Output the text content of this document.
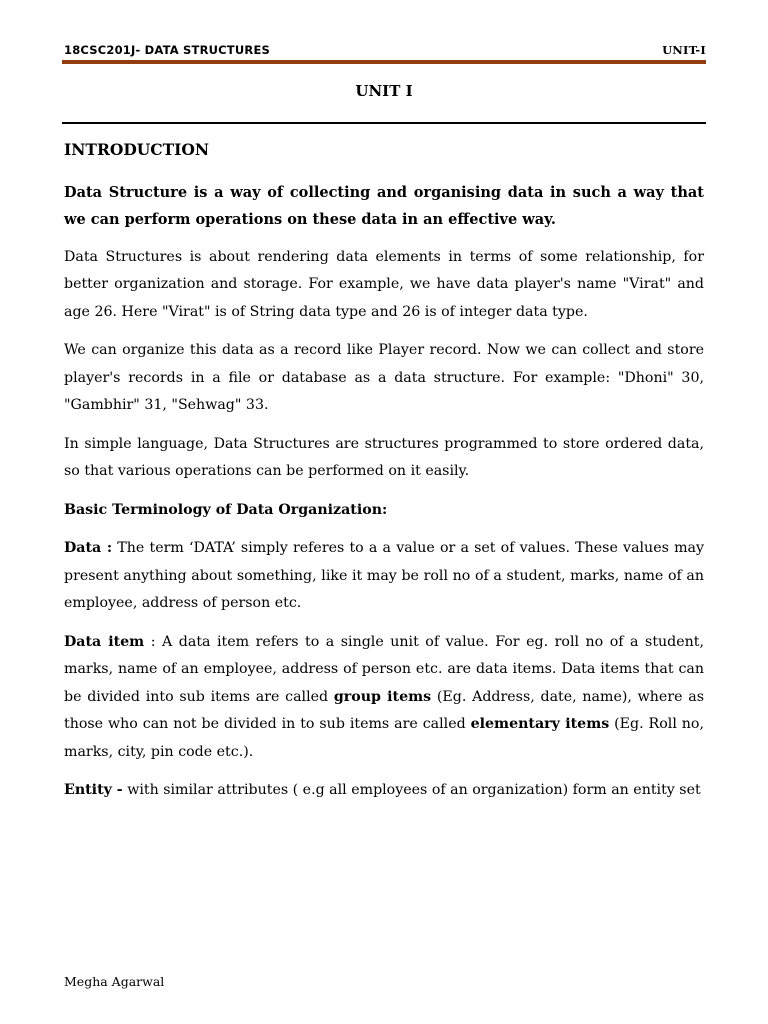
18CSC201J- DATA STRUCTURES	UNIT-I
UNIT I

INTRODUCTION

Data Structure is a way of collecting and organising data in such a way that we can perform operations on these data in an effective way.

Data Structures is about rendering data elements in terms of some relationship, for better organization and storage. For example, we have data player's name "Virat" and age 26. Here "Virat" is of String data type and 26 is of integer data type.

We can organize this data as a record like Player record. Now we can collect and store player's records in a file or database as a data structure. For example: "Dhoni" 30, "Gambhir" 31, "Sehwag" 33.

In simple language, Data Structures are structures programmed to store ordered data, so that various operations can be performed on it easily.

Basic Terminology of Data Organization:

Data : The term ‘DATA’ simply referes to a a value or a set of values. These values may present anything about something, like it may be roll no of a student, marks, name of an employee, address of person etc.

Data item : A data item refers to a single unit of value. For eg. roll no of a student, marks, name of an employee, address of person etc. are data items. Data items that can be divided into sub items are called group items (Eg. Address, date, name), where as those who can not be divided in to sub items are called elementary items (Eg. Roll no, marks, city, pin code etc.).

Entity - with similar attributes ( e.g all employees of an organization) form an entity set

Megha Agarwal
